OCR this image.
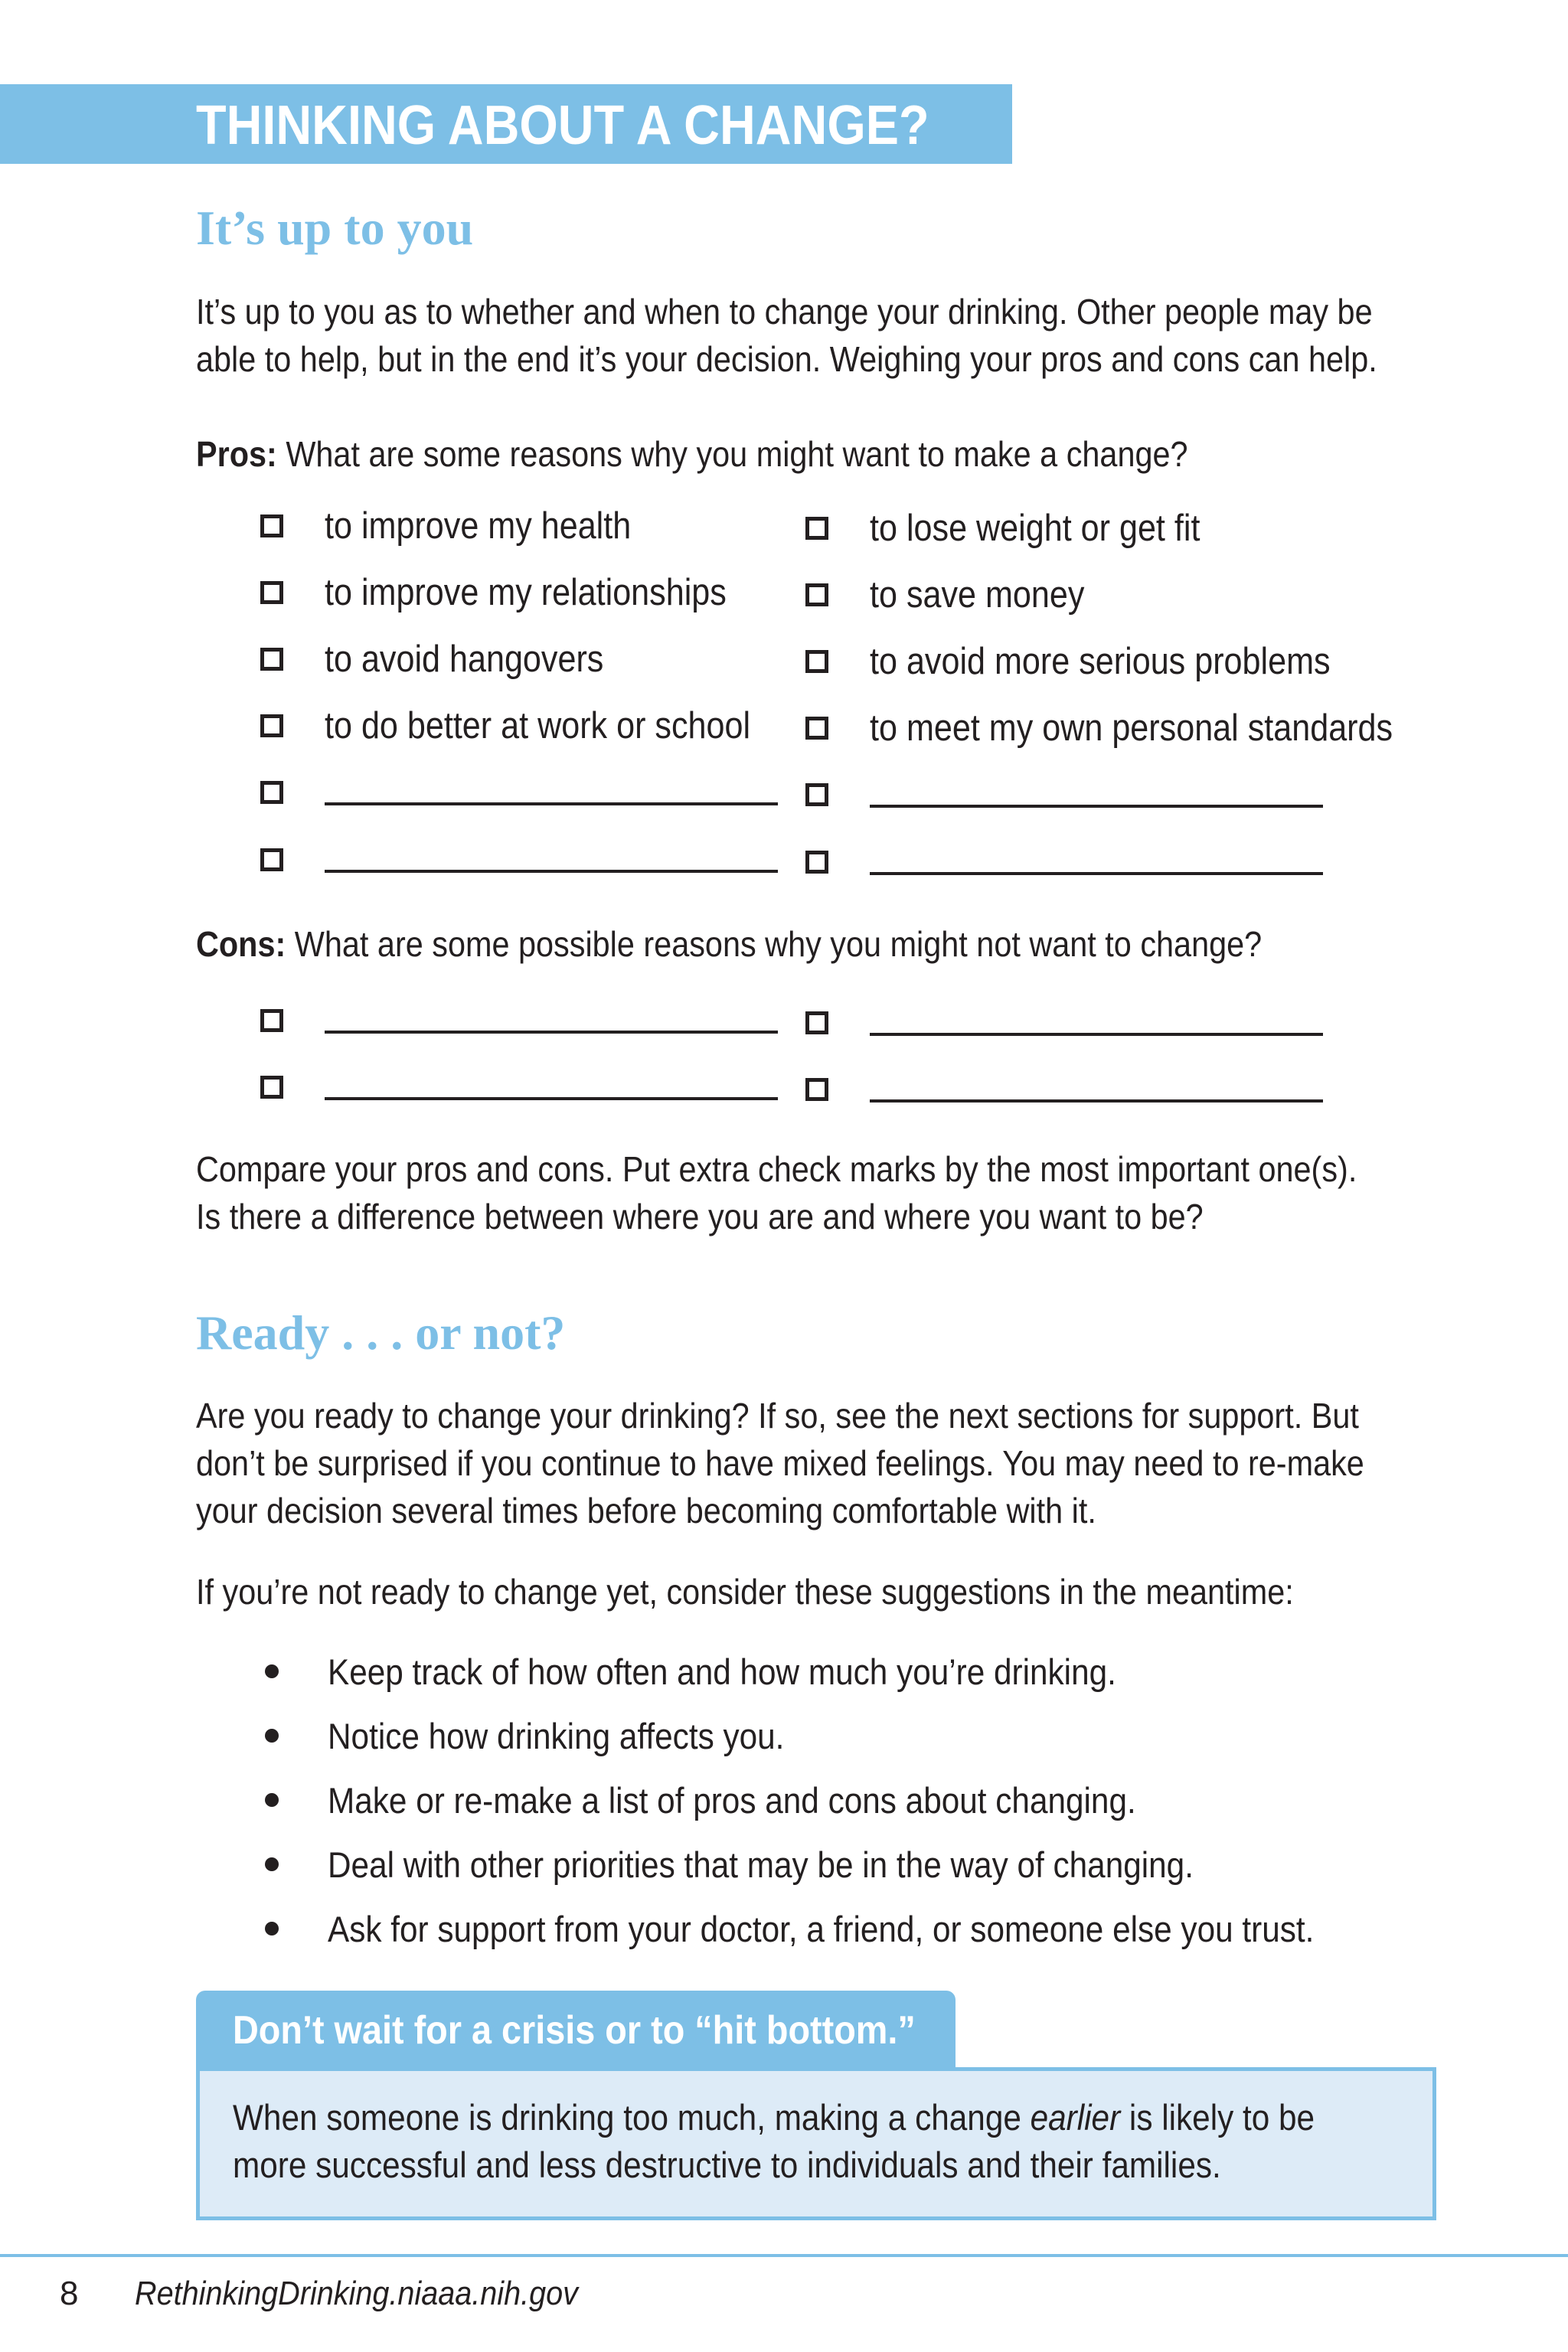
THINKING ABOUT A CHANGE?
It’s up to you
It’s up to you as to whether and when to change your drinking. Other people may be
able to help, but in the end it’s your decision. Weighing your pros and cons can help.
Pros: What are some reasons why you might want to make a change?
to improve my health
to improve my relationships
to avoid hangovers
to do better at work or school
to lose weight or get fit
to save money
to avoid more serious problems
to meet my own personal standards
Cons: What are some possible reasons why you might not want to change?
Compare your pros and cons. Put extra check marks by the most important one(s).
Is there a difference between where you are and where you want to be?
Ready . . . or not?
Are you ready to change your drinking? If so, see the next sections for support. But
don’t be surprised if you continue to have mixed feelings. You may need to re-make
your decision several times before becoming comfortable with it.
If you’re not ready to change yet, consider these suggestions in the meantime:
Keep track of how often and how much you’re drinking.
Notice how drinking affects you.
Make or re-make a list of pros and cons about changing.
Deal with other priorities that may be in the way of changing.
Ask for support from your doctor, a friend, or someone else you trust.
Don’t wait for a crisis or to “hit bottom.”
When someone is drinking too much, making a change earlier is likely to be
more successful and less destructive to individuals and their families.
8 RethinkingDrinking.niaaa.nih.gov
